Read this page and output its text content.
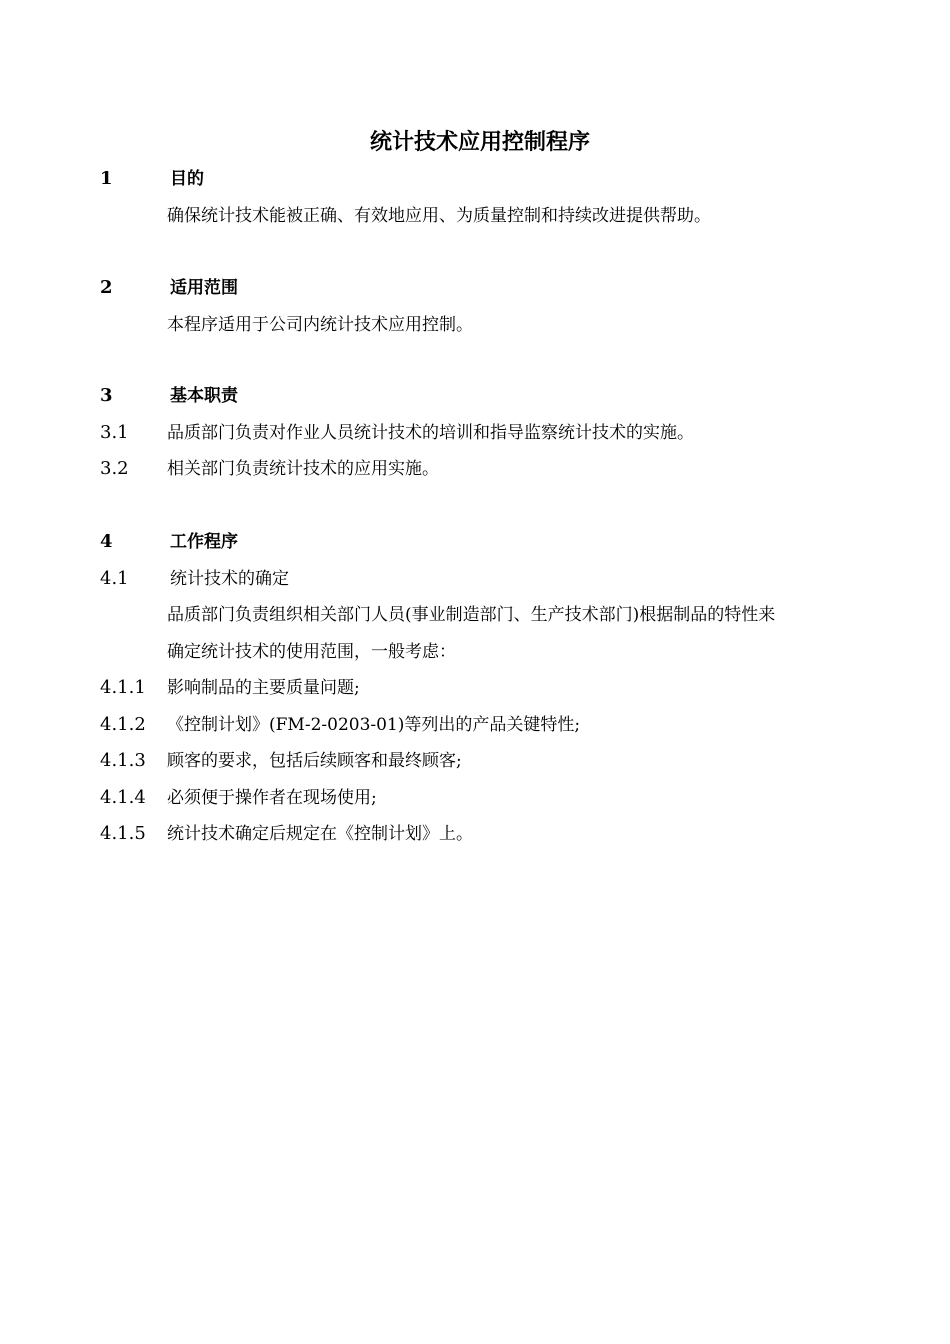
统计技术应用控制程序
1	目的
确保统计技术能被正确、有效地应用、为质量控制和持续改进提供帮助。
2	适用范围
本程序适用于公司内统计技术应用控制。
3	基本职责
3.1 品质部门负责对作业人员统计技术的培训和指导监察统计技术的实施。
3.2 相关部门负责统计技术的应用实施。
4	工作程序
4.1 统计技术的确定
品质部门负责组织相关部门人员(事业制造部门、生产技术部门)根据制品的特性来
确定统计技术的使用范围，一般考虑：
4.1.1 影响制品的主要质量问题;
4.1.2 《控制计划》(FM-2-0203-01)等列出的产品关键特性;
4.1.3 顾客的要求，包括后续顾客和最终顾客;
4.1.4 必须便于操作者在现场使用;
4.1.5 统计技术确定后规定在《控制计划》上。
